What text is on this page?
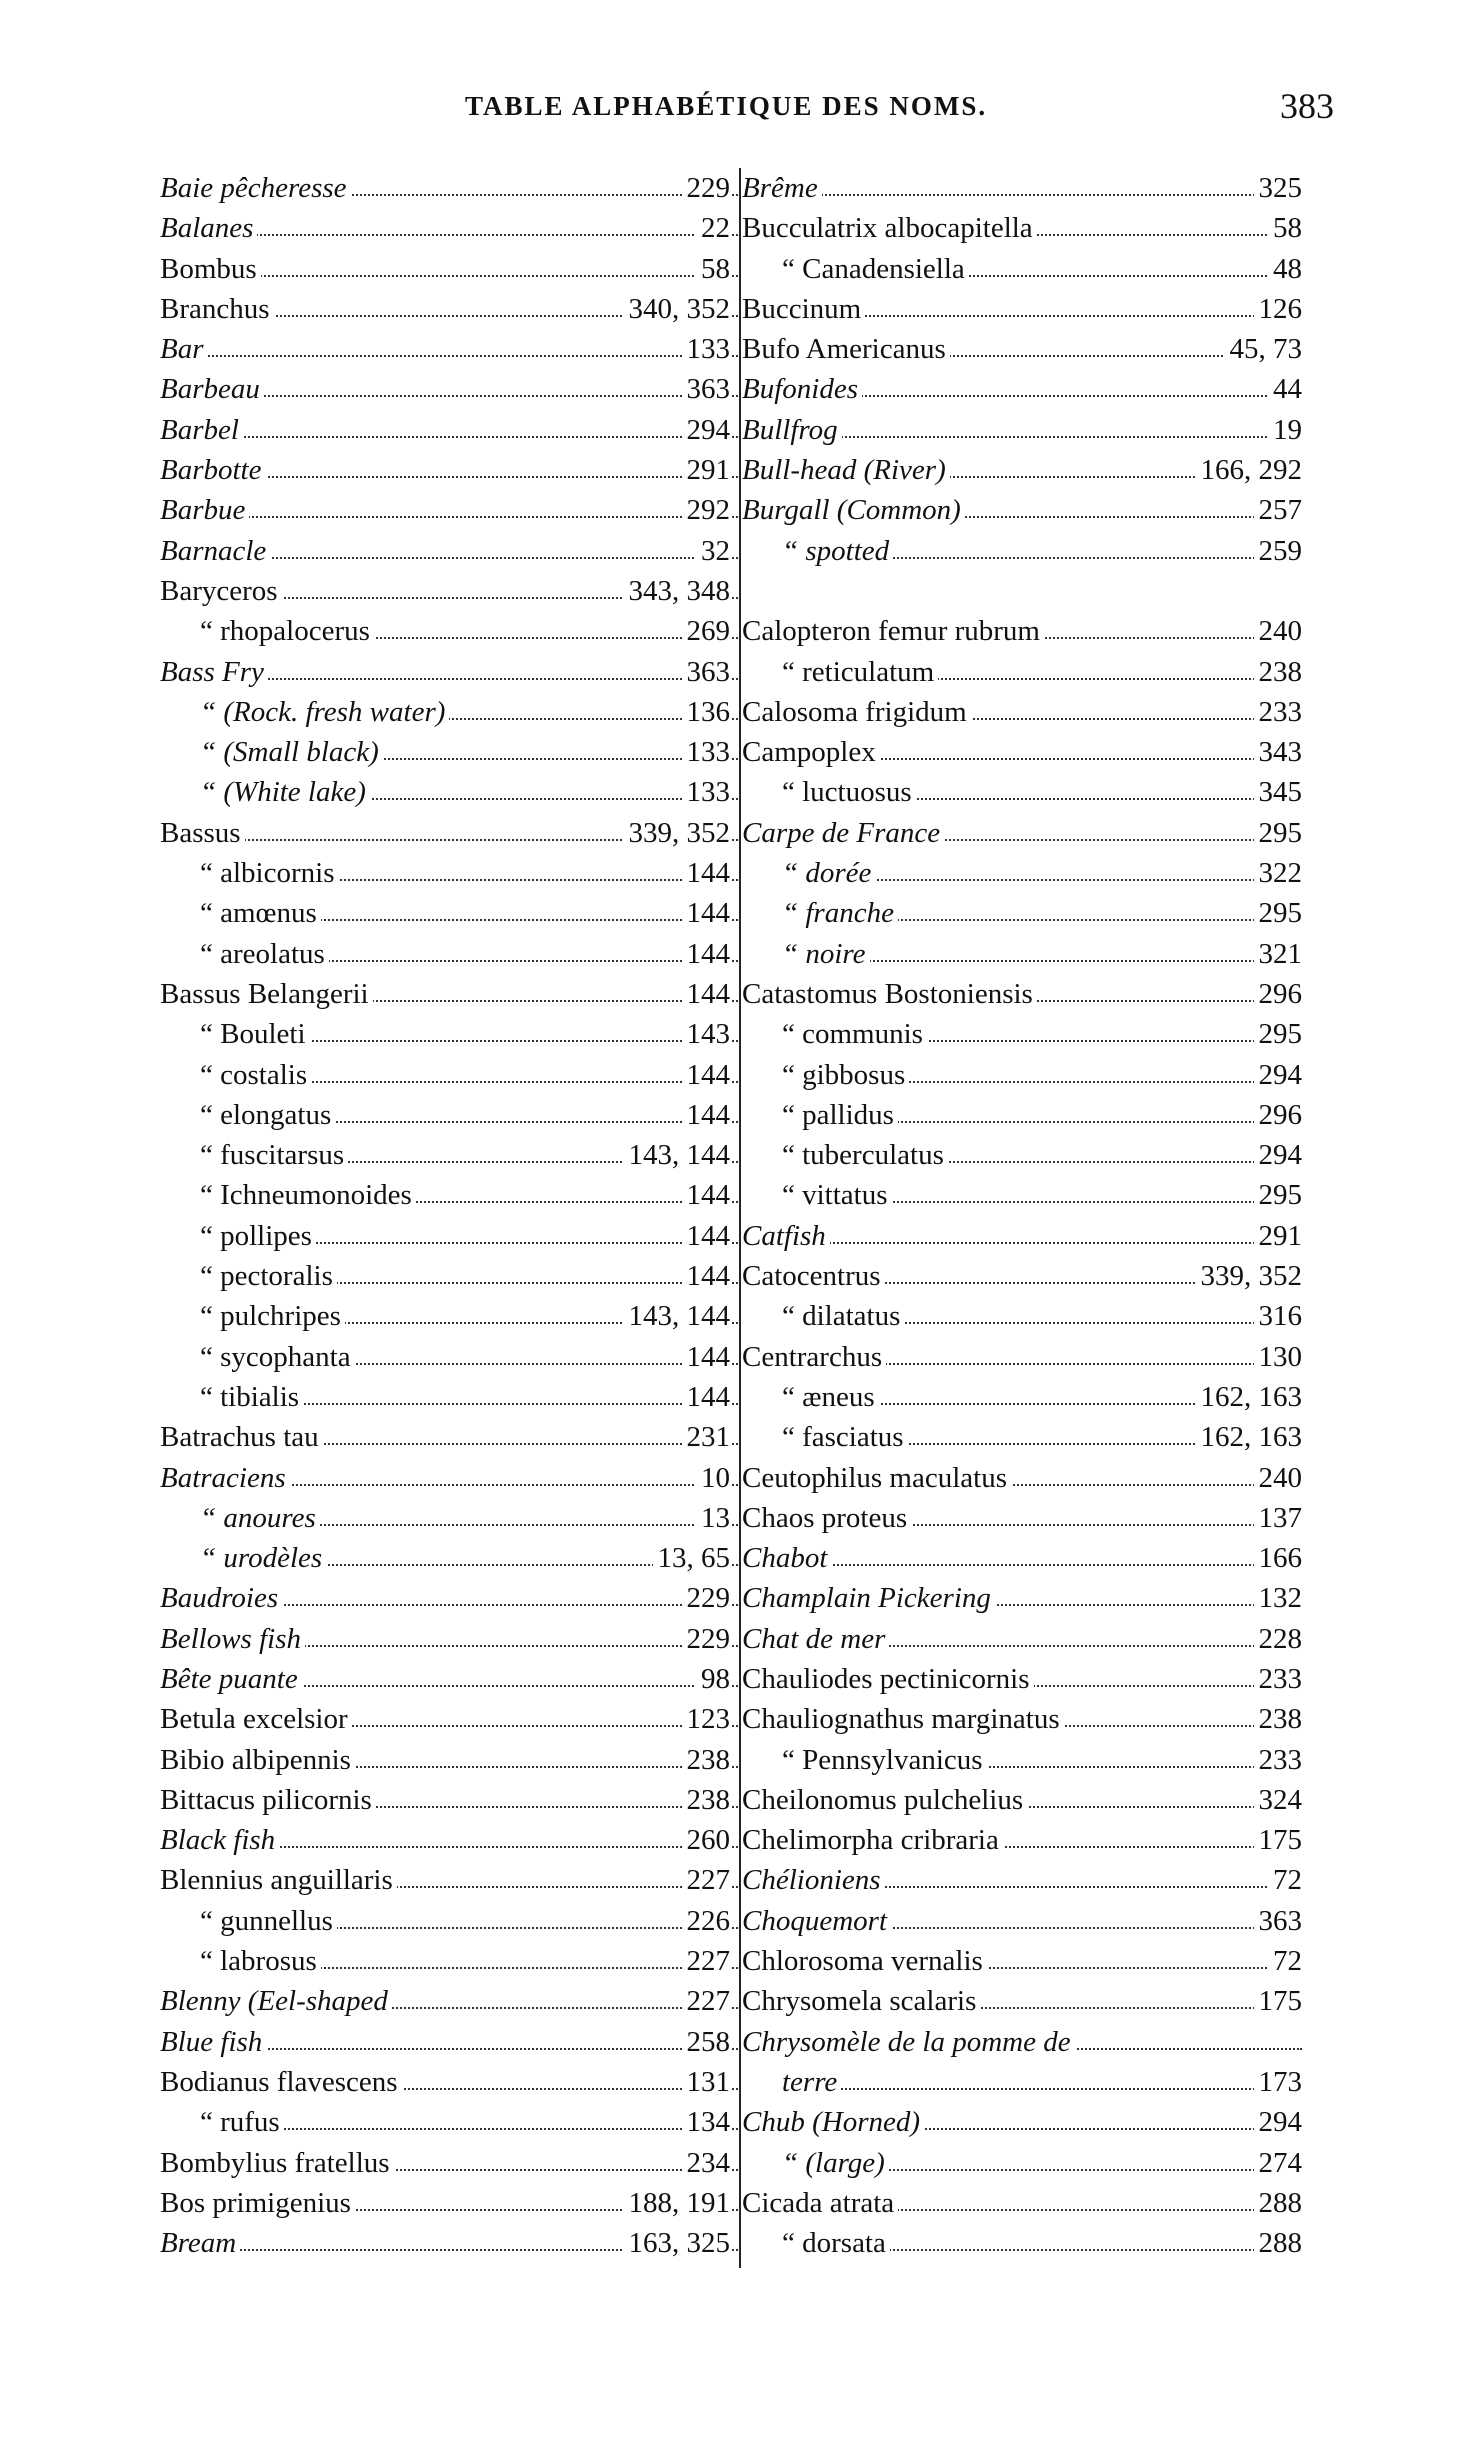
TABLE ALPHABÉTIQUE DES NOMS.	383
Baie pêcheresse	229
Balanes	22
Bombus	58
Branchus	340, 352
Bar	133
Barbeau	363
Barbel	294
Barbotte	291
Barbue	292
Barnacle	32
Baryceros	343, 348
“ rhopalocerus	269
Bass Fry	363
“ (Rock. fresh water)	136
“ (Small black)	133
“ (White lake)	133
Bassus	339, 352
“ albicornis	144
“ amœnus	144
“ areolatus	144
Bassus Belangerii	144
“ Bouleti	143
“ costalis	144
“ elongatus	144
“ fuscitarsus	143, 144
“ Ichneumonoides	144
“ pollipes	144
“ pectoralis	144
“ pulchripes	143, 144
“ sycophanta	144
“ tibialis	144
Batrachus tau	231
Batraciens	10
“ anoures	13
“ urodèles	13, 65
Baudroies	229
Bellows fish	229
Bête puante	98
Betula excelsior	123
Bibio albipennis	238
Bittacus pilicornis	238
Black fish	260
Blennius anguillaris	227
“ gunnellus	226
“ labrosus	227
Blenny (Eel-shaped	227
Blue fish	258
Bodianus flavescens	131
“ rufus	134
Bombylius fratellus	234
Bos primigenius	188, 191
Bream	163, 325
Brême	325
Bucculatrix albocapitella	58
“ Canadensiella	48
Buccinum	126
Bufo Americanus	45, 73
Bufonides	44
Bullfrog	19
Bull-head (River)	166, 292
Burgall (Common)	257
“ spotted	259
Calopteron femur rubrum	240
“ reticulatum	238
Calosoma frigidum	233
Campoplex	343
“ luctuosus	345
Carpe de France	295
“ dorée	322
“ franche	295
“ noire	321
Catastomus Bostoniensis	296
“ communis	295
“ gibbosus	294
“ pallidus	296
“ tuberculatus	294
“ vittatus	295
Catfish	291
Catocentrus	339, 352
“ dilatatus	316
Centrarchus	130
“ æneus	162, 163
“ fasciatus	162, 163
Ceutophilus maculatus	240
Chaos proteus	137
Chabot	166
Champlain Pickering	132
Chat de mer	228
Chauliodes pectinicornis	233
Chauliognathus marginatus	238
“ Pennsylvanicus	233
Cheilonomus pulchelius	324
Chelimorpha cribraria	175
Chélioniens	72
Choquemort	363
Chlorosoma vernalis	72
Chrysomela scalaris	175
Chrysomèle de la pomme de
terre	173
Chub (Horned)	294
“ (large)	274
Cicada atrata	288
“ dorsata	288
